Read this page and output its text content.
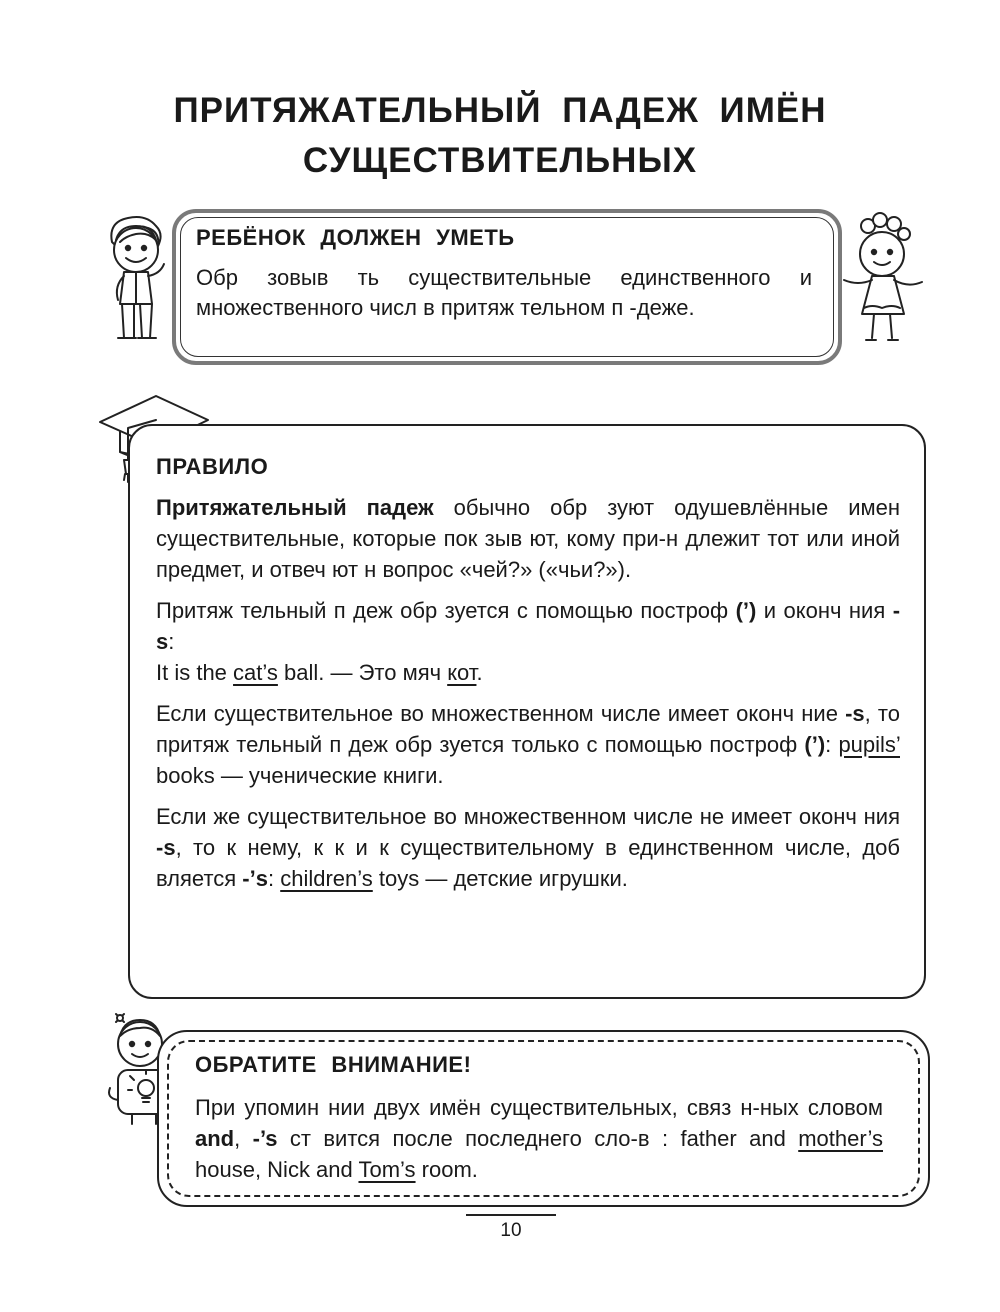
ПРИТЯЖАТЕЛЬНЫЙ ПАДЕЖ ИМЁН
СУЩЕСТВИТЕЛЬНЫХ
РЕБЁНОК ДОЛЖЕН УМЕТЬ
Обр зовыв ть существительные единственного и множественного числ в притяж тельном п -деже.
ПРАВИЛО

Притяжательный падеж обычно обр зуют одушевлённые имен существительные, которые пок зыв ют, кому при-н длежит тот или иной предмет, и отвеч ют н вопрос «чей?» («чьи?»).

Притяж тельный п деж обр зуется с помощью построф (’) и оконч ния -s:

It is the cat’s ball. — Это мяч кот.

Если существительное во множественном числе имеет оконч ние -s, то притяж тельный п деж обр зуется только с помощью построф (’): pupils’ books — ученические книги.

Если же существительное во множественном числе не имеет оконч ния -s, то к нему, к к и к существительному в единственном числе, доб вляется -’s: children’s toys — детские игрушки.

ОБРАТИТЕ ВНИМАНИЕ!
При упомин нии двух имён существительных, связ н-ных словом and, -’s ст вится после последнего сло-в : father and mother’s house, Nick and Tom’s room.
10
